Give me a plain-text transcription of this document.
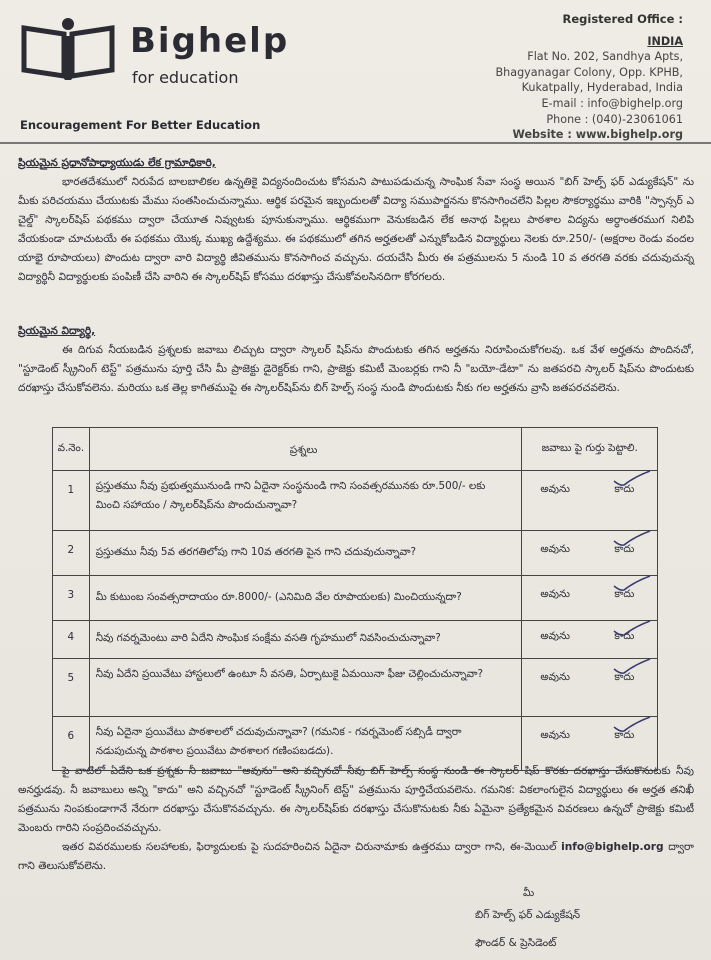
Bighelp
for education
Encouragement For Better Education
Registered Office :
INDIA
Flat No. 202, Sandhya Apts,
Bhagyanagar Colony, Opp. KPHB,
Kukatpally, Hyderabad, India
E-mail : info@bighelp.org
Phone : (040)-23061061
Website : www.bighelp.org
ప్రియమైన ప్రధానోపాధ్యాయుడు లేక గ్రామాధికారి,
భారతదేశములో నిరుపేద బాలబాలికల ఉన్నతికై విద్యనందించుట కోసమని పాటుపడుచున్న సాంఘిక సేవా సంస్థ అయిన "బిగ్ హెల్ప్ ఫర్ ఎడ్యుకేషన్" ను మీకు పరిచయము చేయుటకు మేము సంతసించుచున్నాము. ఆర్థిక పరమైన ఇబ్బందులతో విద్యా సముపార్జనను కొనసాగించలేని పిల్లల సౌకర్యార్థము వారికి "స్పాన్సర్ ఎ చైల్డ్" స్కాలర్‌షిప్ పథకము ద్వారా చేయూత నివ్వుటకు పూనుకున్నాము. ఆర్థికముగా వెనుకబడిన లేక అనాథ పిల్లలు పాఠశాల విద్యను అర్ధాంతరముగ నిలిపి వేయకుండా చూచుటయే ఈ పథకము యొక్క ముఖ్య ఉద్దేశ్యము. ఈ పథకములో తగిన అర్హతలతో ఎన్నుకోబడిన విద్యార్థులు నెలకు రూ.250/- (అక్షరాల రెండు వందల యాభై రూపాయలు) పొందుట ద్వారా వారి విద్యార్థి జీవితమును కొనసాగించ వచ్చును. దయచేసి మీరు ఈ పత్రములను 5 నుండి 10 వ తరగతి వరకు చదువుచున్న విద్యార్థినీ విద్యార్థులకు పంపిణీ చేసి వారిని ఈ స్కాలర్‌షిప్ కోసము దరఖాస్తు చేసుకోవలసినదిగా కోరగలరు.
ప్రియమైన విద్యార్థి,
ఈ దిగువ నీయబడిన ప్రశ్నలకు జవాబు లిచ్చుట ద్వారా స్కాలర్ షిప్‌ను పొందుటకు తగిన అర్హతను నిరూపించుకోగలవు. ఒక వేళ అర్హతను పొందినచో, "స్టూడెంట్ స్క్రీనింగ్ టెస్ట్" పత్రమును పూర్తి చేసి మీ ప్రాజెక్టు డైరెక్టర్‌కు గాని, ప్రాజెక్టు కమిటీ మెంబర్లకు గాని నీ "బయో-డేటా" ను జతపరచి స్కాలర్ షిప్‌ను పొందుటకు దరఖాస్తు చేసుకోవలెను. మరియు ఒక తెల్ల కాగితముపై ఈ స్కాలర్‌షిప్‌ను బిగ్ హెల్ప్ సంస్థ నుండి పొందుటకు నీకు గల అర్హతను వ్రాసి జతపరచవలెను.
వ.నెం.	ప్రశ్నలు	జవాబు పై గుర్తు పెట్టాలి.

1	ప్రస్తుతము నీవు ప్రభుత్వమునుండి గాని ఏదైనా సంస్థనుండి గాని సంవత్సరమునకు రూ.500/- లకు మించి సహాయం / స్కాలర్‌షిప్‌ను పొందుచున్నావా?	అవును కాదు

2	ప్రస్తుతము నీవు 5వ తరగతిలోపు గాని 10వ తరగతి పైన గాని చదువుచున్నావా?	అవును కాదు

3	మీ కుటుంబ సంవత్సరాదాయం రూ.8000/- (ఎనిమిది వేల రూపాయలకు) మించియున్నదా?	అవును కాదు

4	నీవు గవర్నమెంటు వారి ఏదేని సాంఘిక సంక్షేమ వసతి గృహములో నివసించుచున్నావా?	అవును కాదు

5	నీవు ఏదేని ప్రయివేటు హాస్టలులో ఉంటూ నీ వసతి, ఏర్పాటుకై ఏమయినా ఫీజు చెల్లించుచున్నావా?	అవును కాదు

6	నీవు ఏదైనా ప్రయివేటు పాఠశాలలో చదువుచున్నావా? (గమనిక - గవర్నమెంట్ సబ్సిడీ ద్వారా నడుపుచున్న పాఠశాల ప్రయివేటు పాఠశాలగ గణింపబడదు).	అవును కాదు
పై వాటిలో ఏదేని ఒక ప్రశ్నకు నీ జవాబు "అవును" అని వచ్చినచో నీవు బిగ్ హెల్ప్ సంస్థ నుండి ఈ స్కాలర్ షిప్ కొరకు దరఖాస్తు చేసుకొనుటకు నీవు అనర్హుడవు. నీ జవాబులు అన్ని "కాదు" అని వచ్చినచో "స్టూడెంట్ స్క్రీనింగ్ టెస్ట్" పత్రమును పూర్తిచేయవలెను. గమనిక: వికలాంగులైన విద్యార్థులు ఈ అర్హత తనిఖీ పత్రమును నింపకుండాగానే నేరుగా దరఖాస్తు చేసుకొనవచ్చును. ఈ స్కాలర్‌షిప్‌కు దరఖాస్తు చేసుకొనుటకు నీకు ఏమైనా ప్రత్యేకమైన వివరణలు ఉన్నచో ప్రాజెక్టు కమిటీ మెంబరు గారిని సంప్రదించవచ్చును.
ఇతర వివరములకు సలహాలకు, ఫిర్యాదులకు పై సుదహరించిన ఏదైనా చిరునామాకు ఉత్తరము ద్వారా గాని, ఈ-మెయిల్ info@bighelp.org ద్వారా గాని తెలుసుకోవలెను.
మీ
బిగ్ హెల్ప్ ఫర్ ఎడ్యుకేషన్
ఫౌండర్ & ప్రెసిడెంట్
